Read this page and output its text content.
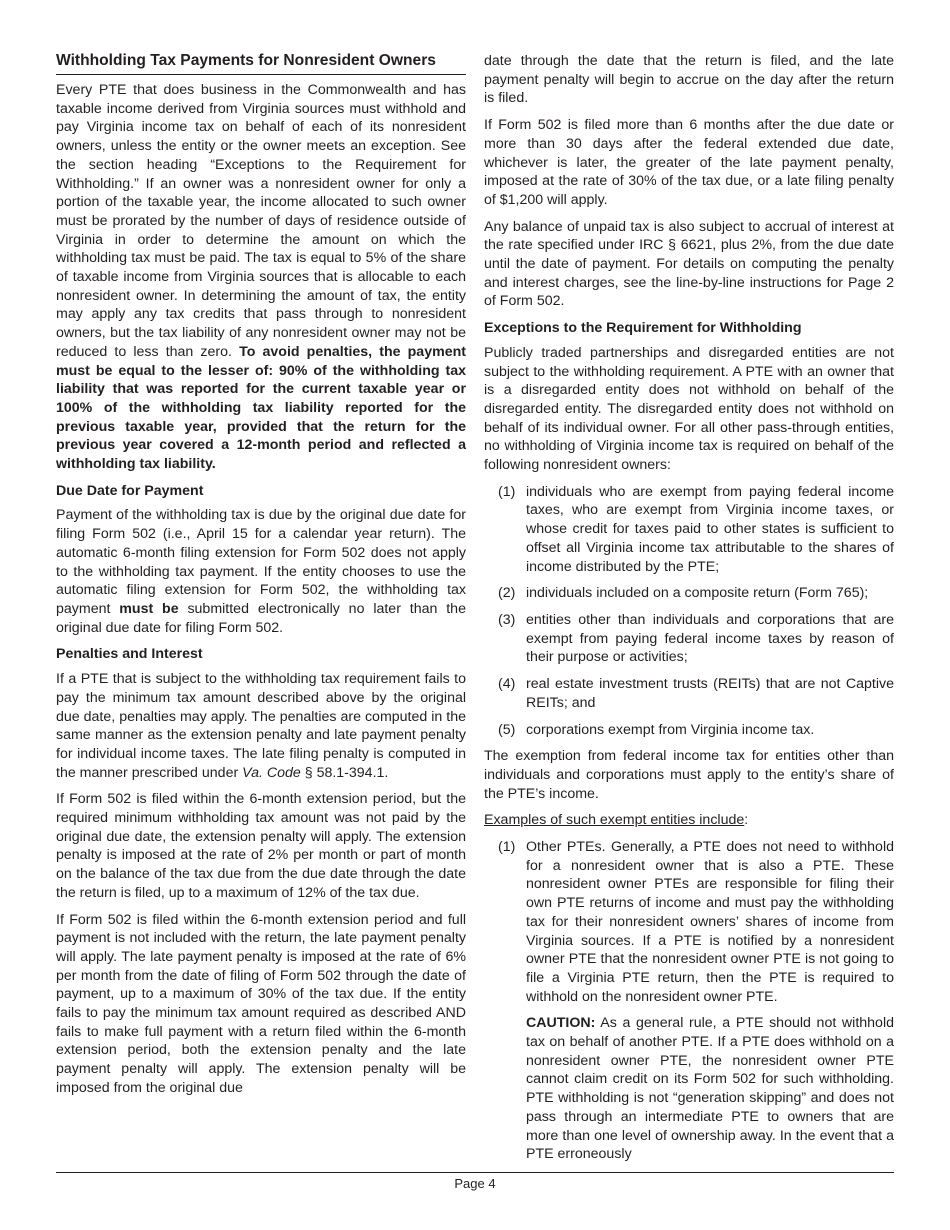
Withholding Tax Payments for Nonresident Owners

Every PTE that does business in the Commonwealth and has taxable income derived from Virginia sources must withhold and pay Virginia income tax on behalf of each of its nonresident owners, unless the entity or the owner meets an exception. See the section heading “Exceptions to the Requirement for Withholding.” If an owner was a nonresident owner for only a portion of the taxable year, the income allocated to such owner must be prorated by the number of days of residence outside of Virginia in order to determine the amount on which the withholding tax must be paid. The tax is equal to 5% of the share of taxable income from Virginia sources that is allocable to each nonresident owner. In determining the amount of tax, the entity may apply any tax credits that pass through to nonresident owners, but the tax liability of any nonresident owner may not be reduced to less than zero. To avoid penalties, the payment must be equal to the lesser of: 90% of the withholding tax liability that was reported for the current taxable year or 100% of the withholding tax liability reported for the previous taxable year, provided that the return for the previous year covered a 12-month period and reflected a withholding tax liability.

Due Date for Payment

Payment of the withholding tax is due by the original due date for filing Form 502 (i.e., April 15 for a calendar year return). The automatic 6-month filing extension for Form 502 does not apply to the withholding tax payment. If the entity chooses to use the automatic filing extension for Form 502, the withholding tax payment must be submitted electronically no later than the original due date for filing Form 502.

Penalties and Interest

If a PTE that is subject to the withholding tax requirement fails to pay the minimum tax amount described above by the original due date, penalties may apply. The penalties are computed in the same manner as the extension penalty and late payment penalty for individual income taxes. The late filing penalty is computed in the manner prescribed under Va. Code § 58.1-394.1.

If Form 502 is filed within the 6-month extension period, but the required minimum withholding tax amount was not paid by the original due date, the extension penalty will apply. The extension penalty is imposed at the rate of 2% per month or part of month on the balance of the tax due from the due date through the date the return is filed, up to a maximum of 12% of the tax due.

If Form 502 is filed within the 6-month extension period and full payment is not included with the return, the late payment penalty will apply. The late payment penalty is imposed at the rate of 6% per month from the date of filing of Form 502 through the date of payment, up to a maximum of 30% of the tax due. If the entity fails to pay the minimum tax amount required as described AND fails to make full payment with a return filed within the 6-month extension period, both the extension penalty and the late payment penalty will apply. The extension penalty will be imposed from the original due

date through the date that the return is filed, and the late payment penalty will begin to accrue on the day after the return is filed.

If Form 502 is filed more than 6 months after the due date or more than 30 days after the federal extended due date, whichever is later, the greater of the late payment penalty, imposed at the rate of 30% of the tax due, or a late filing penalty of $1,200 will apply.

Any balance of unpaid tax is also subject to accrual of interest at the rate specified under IRC § 6621, plus 2%, from the due date until the date of payment. For details on computing the penalty and interest charges, see the line-by-line instructions for Page 2 of Form 502.

Exceptions to the Requirement for Withholding

Publicly traded partnerships and disregarded entities are not subject to the withholding requirement. A PTE with an owner that is a disregarded entity does not withhold on behalf of the disregarded entity. The disregarded entity does not withhold on behalf of its individual owner. For all other pass-through entities, no withholding of Virginia income tax is required on behalf of the following nonresident owners:

(1) individuals who are exempt from paying federal income taxes, who are exempt from Virginia income taxes, or whose credit for taxes paid to other states is sufficient to offset all Virginia income tax attributable to the shares of income distributed by the PTE;
(2) individuals included on a composite return (Form 765);
(3) entities other than individuals and corporations that are exempt from paying federal income taxes by reason of their purpose or activities;
(4) real estate investment trusts (REITs) that are not Captive REITs; and
(5) corporations exempt from Virginia income tax.

The exemption from federal income tax for entities other than individuals and corporations must apply to the entity’s share of the PTE’s income.

Examples of such exempt entities include:

(1) Other PTEs. Generally, a PTE does not need to withhold for a nonresident owner that is also a PTE. These nonresident owner PTEs are responsible for filing their own PTE returns of income and must pay the withholding tax for their nonresident owners’ shares of income from Virginia sources. If a PTE is notified by a nonresident owner PTE that the nonresident owner PTE is not going to file a Virginia PTE return, then the PTE is required to withhold on the nonresident owner PTE.

CAUTION: As a general rule, a PTE should not withhold tax on behalf of another PTE. If a PTE does withhold on a nonresident owner PTE, the nonresident owner PTE cannot claim credit on its Form 502 for such withholding. PTE withholding is not “generation skipping” and does not pass through an intermediate PTE to owners that are more than one level of ownership away. In the event that a PTE erroneously

Page 4
